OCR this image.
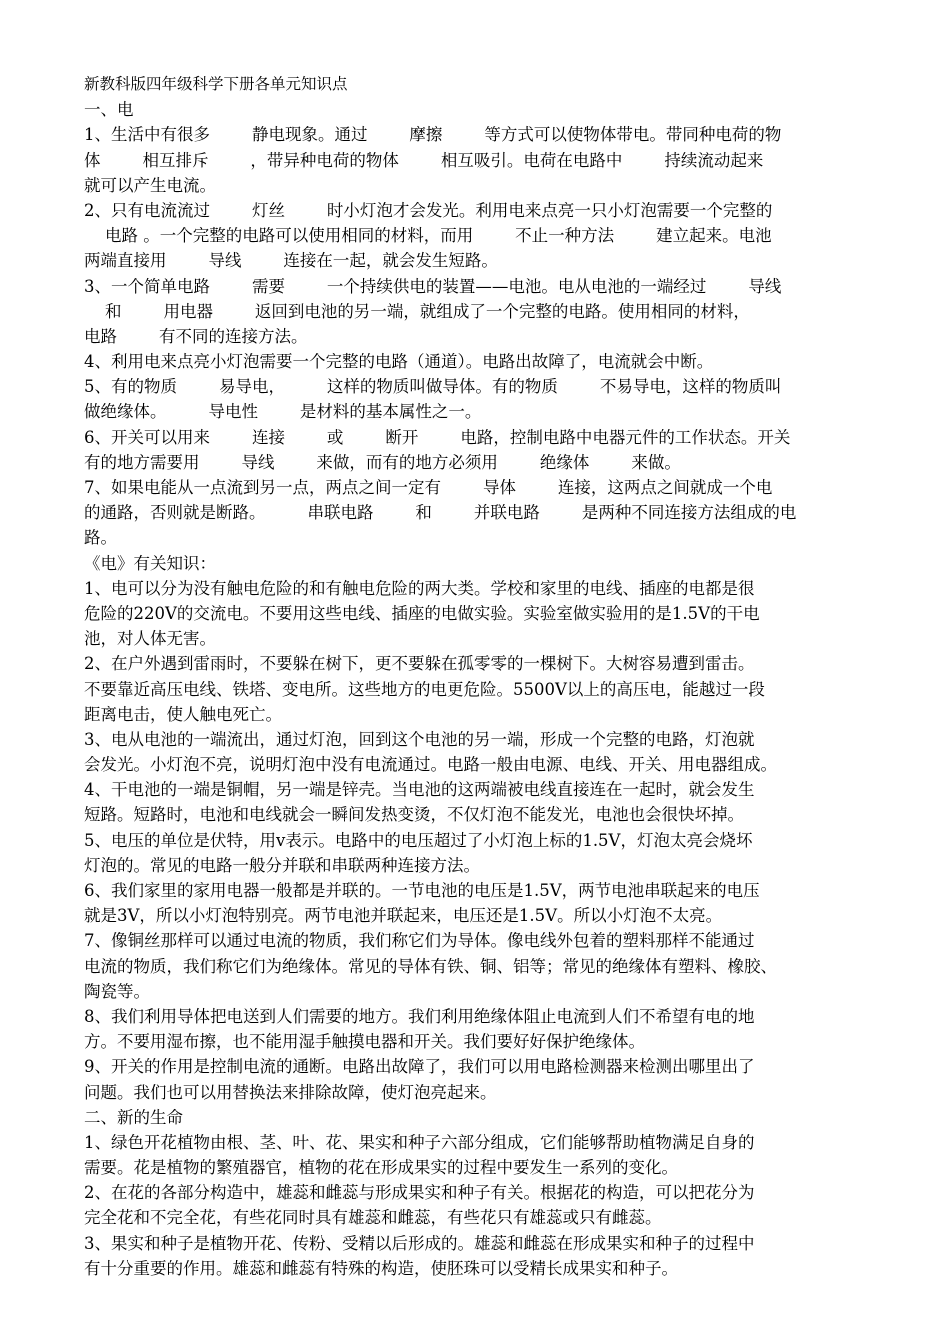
新教科版四年级科学下册各单元知识点
一、电
1、生活中有很多        静电现象。通过        摩擦        等方式可以使物体带电。带同种电荷的物
体        相互排斥        ，带异种电荷的物体        相互吸引。电荷在电路中        持续流动起来
就可以产生电流。
2、只有电流流过        灯丝        时小灯泡才会发光。利用电来点亮一只小灯泡需要一个完整的
电路 。一个完整的电路可以使用相同的材料，而用        不止一种方法        建立起来。电池
两端直接用        导线        连接在一起，就会发生短路。
3、一个简单电路        需要        一个持续供电的装置——电池。电从电池的一端经过        导线
和        用电器        返回到电池的另一端，就组成了一个完整的电路。使用相同的材料，
电路        有不同的连接方法。
4、利用电来点亮小灯泡需要一个完整的电路（通道）。电路出故障了，电流就会中断。
5、有的物质        易导电，        这样的物质叫做导体。有的物质        不易导电，这样的物质叫
做绝缘体。        导电性        是材料的基本属性之一。
6、开关可以用来        连接        或        断开        电路，控制电路中电器元件的工作状态。开关
有的地方需要用        导线        来做，而有的地方必须用        绝缘体        来做。
7、如果电能从一点流到另一点，两点之间一定有        导体        连接，这两点之间就成一个电
的通路，否则就是断路。        串联电路        和        并联电路        是两种不同连接方法组成的电
路。
《电》有关知识：
1、电可以分为没有触电危险的和有触电危险的两大类。学校和家里的电线、插座的电都是很
危险的220V的交流电。不要用这些电线、插座的电做实验。实验室做实验用的是1.5V的干电
池，对人体无害。
2、在户外遇到雷雨时，不要躲在树下，更不要躲在孤零零的一棵树下。大树容易遭到雷击。
不要靠近高压电线、铁塔、变电所。这些地方的电更危险。5500V以上的高压电，能越过一段
距离电击，使人触电死亡。
3、电从电池的一端流出，通过灯泡，回到这个电池的另一端，形成一个完整的电路，灯泡就
会发光。小灯泡不亮，说明灯泡中没有电流通过。电路一般由电源、电线、开关、用电器组成。
4、干电池的一端是铜帽，另一端是锌壳。当电池的这两端被电线直接连在一起时，就会发生
短路。短路时，电池和电线就会一瞬间发热变烫，不仅灯泡不能发光，电池也会很快坏掉。
5、电压的单位是伏特，用v表示。电路中的电压超过了小灯泡上标的1.5V，灯泡太亮会烧坏
灯泡的。常见的电路一般分并联和串联两种连接方法。
6、我们家里的家用电器一般都是并联的。一节电池的电压是1.5V，两节电池串联起来的电压
就是3V，所以小灯泡特别亮。两节电池并联起来，电压还是1.5V。所以小灯泡不太亮。
7、像铜丝那样可以通过电流的物质，我们称它们为导体。像电线外包着的塑料那样不能通过
电流的物质，我们称它们为绝缘体。常见的导体有铁、铜、铝等；常见的绝缘体有塑料、橡胶、
陶瓷等。
8、我们利用导体把电送到人们需要的地方。我们利用绝缘体阻止电流到人们不希望有电的地
方。不要用湿布擦，也不能用湿手触摸电器和开关。我们要好好保护绝缘体。
9、开关的作用是控制电流的通断。电路出故障了，我们可以用电路检测器来检测出哪里出了
问题。我们也可以用替换法来排除故障，使灯泡亮起来。
二、新的生命
1、绿色开花植物由根、茎、叶、花、果实和种子六部分组成，它们能够帮助植物满足自身的
需要。花是植物的繁殖器官，植物的花在形成果实的过程中要发生一系列的变化。
2、在花的各部分构造中，雄蕊和雌蕊与形成果实和种子有关。根据花的构造，可以把花分为
完全花和不完全花，有些花同时具有雄蕊和雌蕊，有些花只有雄蕊或只有雌蕊。
3、果实和种子是植物开花、传粉、受精以后形成的。雄蕊和雌蕊在形成果实和种子的过程中
有十分重要的作用。雄蕊和雌蕊有特殊的构造，使胚珠可以受精长成果实和种子。
